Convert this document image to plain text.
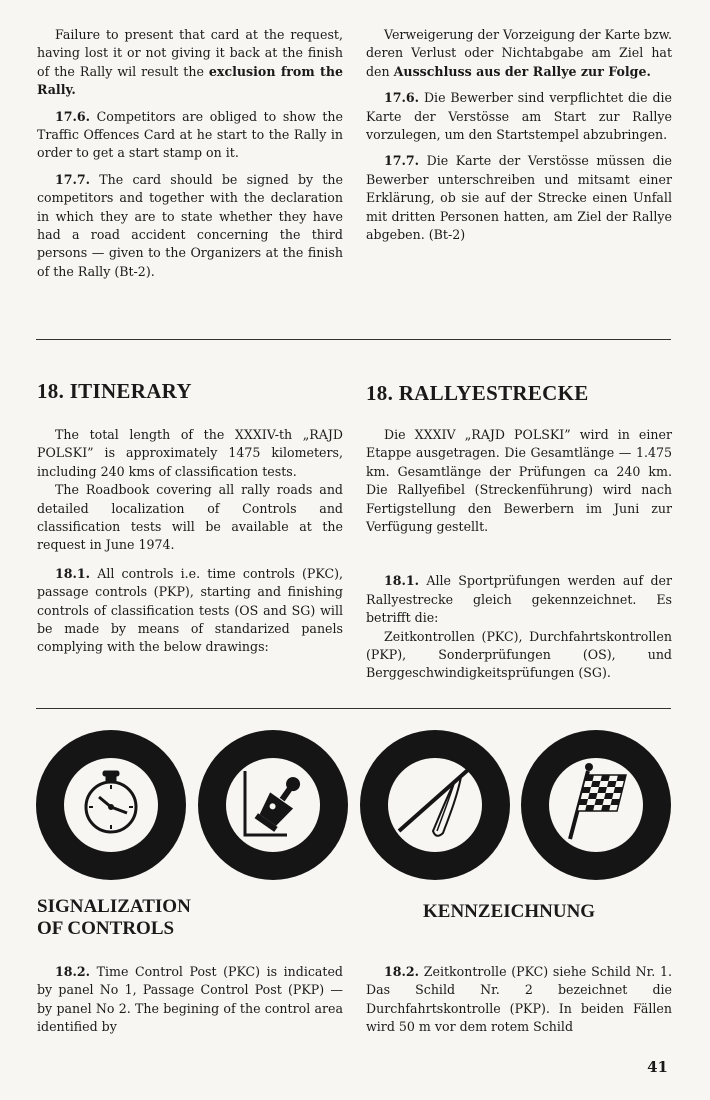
Failure to present that card at the request, having lost it or not giving it back at the finish of the Rally wil result the exclusion from the Rally.

17.6. Competitors are obliged to show the Traffic Offences Card at he start to the Rally in order to get a start stamp on it.

17.7. The card should be signed by the competitors and together with the declaration in which they are to state whether they have had a road accident concerning the third persons — given to the Organizers at the finish of the Rally (Bt-2).

Verweigerung der Vorzeigung der Karte bzw. deren Verlust oder Nichtabgabe am Ziel hat den Ausschluss aus der Rallye zur Folge.

17.6. Die Bewerber sind verpflichtet die die Karte der Verstösse am Start zur Rallye vorzulegen, um den Startstempel abzubringen.

17.7. Die Karte der Verstösse müssen die Bewerber unterschreiben und mitsamt einer Erklärung, ob sie auf der Strecke einen Unfall mit dritten Personen hatten, am Ziel der Rallye abgeben. (Bt-2)

18. ITINERARY	18. RALLYESTRECKE

The total length of the XXXIV-th „RAJD POLSKI” is approximately 1475 kilometers, including 240 kms of classification tests.

The Roadbook covering all rally roads and detailed localization of Controls and classification tests will be available at the request in June 1974.

18.1. All controls i.e. time controls (PKC), passage controls (PKP), starting and finishing controls of classification tests (OS and SG) will be made by means of standarized panels complying with the below drawings:

Die XXXIV „RAJD POLSKI” wird in einer Etappe ausgetragen. Die Gesamtlänge — 1.475 km. Gesamtlänge der Prüfungen ca 240 km. Die Rallyefibel (Streckenführung) wird nach Fertigstellung den Bewerbern im Juni zur Verfügung gestellt.

18.1. Alle Sportprüfungen werden auf der Rallyestrecke gleich gekennzeichnet. Es betrifft die:

Zeitkontrollen (PKC), Durchfahrtskontrollen (PKP), Sonderprüfungen (OS), und Berggeschwindigkeitsprüfungen (SG).

SIGNALIZATION
OF CONTROLS
KENNZEICHNUNG

18.2. Time Control Post (PKC) is indicated by panel No 1, Passage Control Post (PKP) — by panel No 2. The begining of the control area identified by

18.2. Zeitkontrolle (PKC) siehe Schild Nr. 1. Das Schild Nr. 2 bezeichnet die Durchfahrtskontrolle (PKP). In beiden Fällen wird 50 m vor dem rotem Schild

41
